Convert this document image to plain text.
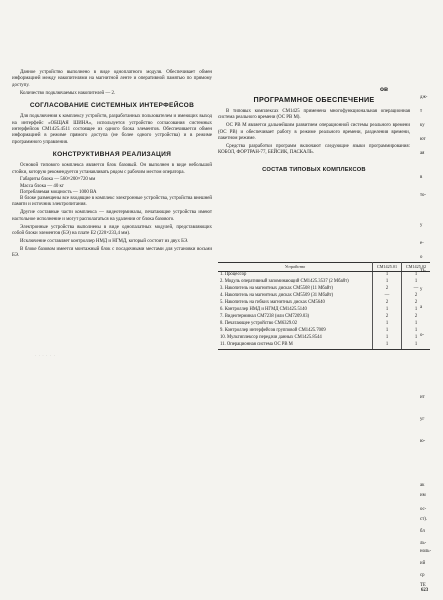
ов

Данное устройство выполнено в виде одноплатного модуля. Обеспечивает обмен информацией между накопителями на магнитной ленте и оперативной памятью по прямому доступу.

Количество подключаемых накопителей — 2.

СОГЛАСОВАНИЕ СИСТЕМНЫХ ИНТЕРФЕЙСОВ

Для подключения к комплексу устройств, разработанных пользователем и имеющих выход на интерфейс «ОБЩАЯ ШИНА», используется устройство согласования системных интерфейсов СМ1425.4511 состоящее из одного блока элементов. Обеспечивается обмен информацией в режиме прямого доступа (не более одного устройства) и в режиме программного управления.

КОНСТРУКТИВНАЯ РЕАЛИЗАЦИЯ

Основой типового комплекса является блок базовый. Он выполнен в виде небольшой стойки, которую рекомендуется устанавливать рядом с рабочим местом оператора.

Габариты блока — 560×200×720 мм

Масса блока — 40 кг

Потребляемая мощность — 1000 ВА

В блоке размещены все входящие в комплекс электронные устройства, устройства внешней памяти и источник электропитания.

Другие составные части комплекса — видеотерминалы, печатающие устройства имеют настольное исполнение и могут располагаться на удалении от блока базового.

Электронные устройства выполнены в виде однопалатных модулей, представляющих собой блоки элементов (БЭ) на плате Е2 (220×233,4 мм).

Исключение составляет контроллер НМД и НГМД, который состоит из двух БЭ.

В блоке базовом имеется монтажный блок с посадочными местами для установки восьми БЭ.

· · · · · ·
ПРОГРАММНОЕ ОБЕСПЕЧЕНИЕ

В типовых комплексах СМ1425 применена многофункциональная операционная система реального времени (ОС РВ М).

ОС РВ М является дальнейшим развитием операционной системы реального времени (ОС РВ) и обеспечивает работу в режиме реального времени, разделения времени, пакетном режиме.

Средства разработки программ включают следующие языки программирования: КОБОЛ, ФОРТРАН-77, БЕЙСИК, ПАСКАЛЬ.

СОСТАВ ТИПОВЫХ КОМПЛЕКСОВ
Устройство	СМ1425.01	СМ1425.02
1. Процессор	1	1
2. Модуль оперативный запоминающий СМ1425.3537 (2 Мбайт)	1	1
3. Накопитель на магнитных дисках СМ5508 (11 Мбайт)	2	—
4. Накопитель на магнитных дисках СМ5509 (31 Мбайт)	—	2
5. Накопитель на гибких магнитных дисках СМ5640	2	2
6. Контроллер НМД и НГМД СМ1425.5140	1	1
7. Видеотерминал СМ7238 (или СМ7209.03)	2	2
8. Печатающее устройство СМ6329.02	1	1
9. Контроллер интерфейсов групповой СМ1425.7009	1	1
10. Мультиплексор передачи данных СМ1425.8544	1	1
11. Операционная система ОС РВ М	1	1
дж-
т
ку
ют
ая
в
то-
у
е-
о
ТЬ.
у
а
о-
ит
уг
ю-
ак
им
ос-
ст).
бл
ль-
ноль-
ий
ср
ТЕ
623
